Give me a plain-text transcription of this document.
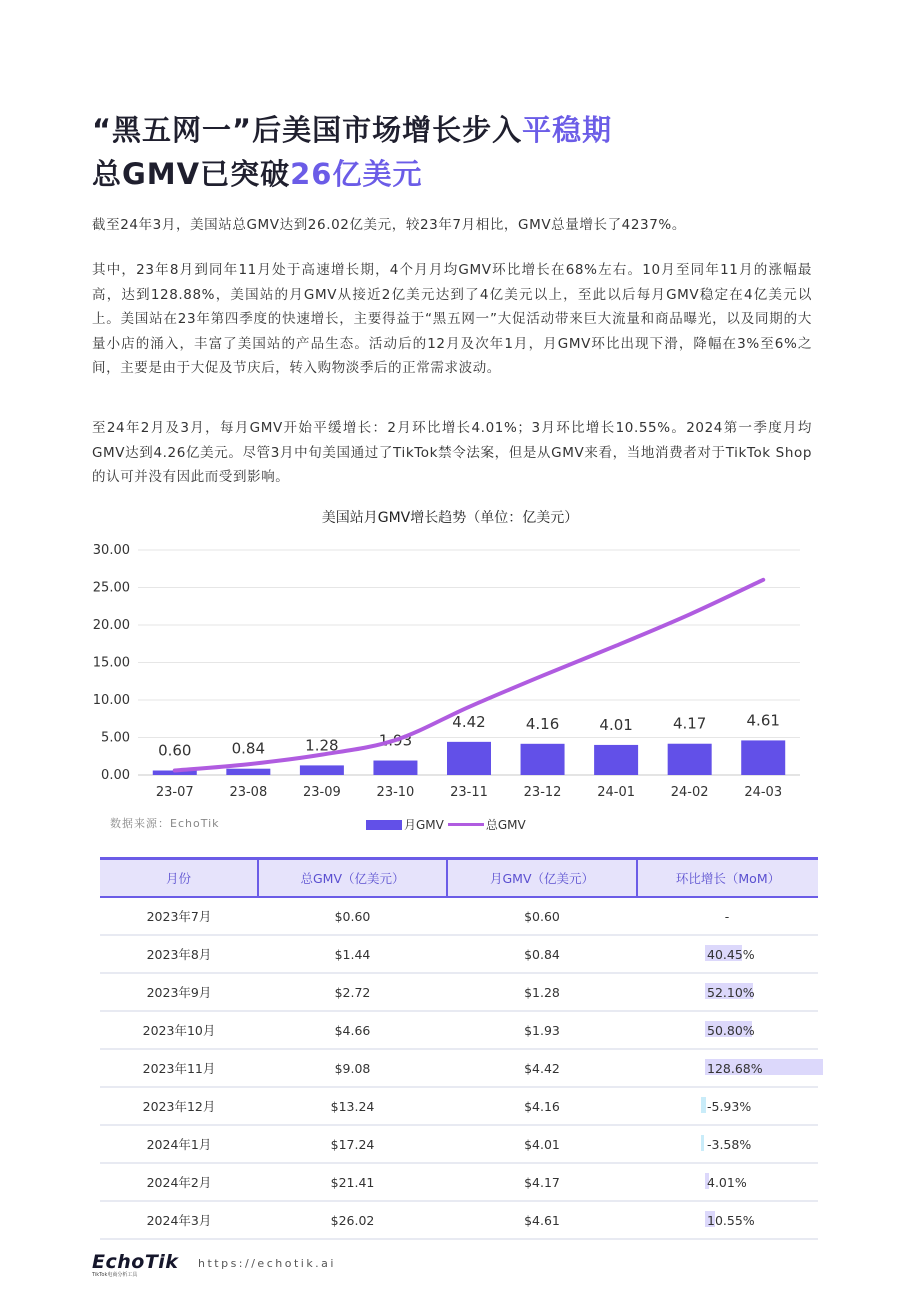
“黑五网一”后美国市场增长步入平稳期
总GMV已突破26亿美元

截至24年3月，美国站总GMV达到26.02亿美元，较23年7月相比，GMV总量增长了4237%。

其中，23年8月到同年11月处于高速增长期，4个月月均GMV环比增长在68%左右。10月至同年11月的涨幅最高，达到128.88%，美国站的月GMV从接近2亿美元达到了4亿美元以上，至此以后每月GMV稳定在4亿美元以上。美国站在23年第四季度的快速增长，主要得益于“黑五网一”大促活动带来巨大流量和商品曝光，以及同期的大量小店的涌入，丰富了美国站的产品生态。活动后的12月及次年1月，月GMV环比出现下滑，降幅在3%至6%之间，主要是由于大促及节庆后，转入购物淡季后的正常需求波动。

至24年2月及3月，每月GMV开始平缓增长：2月环比增长4.01%；3月环比增长10.55%。2024第一季度月均GMV达到4.26亿美元。尽管3月中旬美国通过了TikTok禁令法案，但是从GMV来看，当地消费者对于TikTok Shop的认可并没有因此而受到影响。

美国站月GMV增长趋势（单位：亿美元）
0.00
5.00
10.00
15.00
20.00
25.00
30.00
0.60	0.84	1.28	1.93
4.42	4.16	4.01	4.17	4.61
23-07	23-08	23-09	23-10	23-11	23-12	24-01	24-02	24-03
数据来源：EchoTik	月GMV	总GMV
月份	总GMV（亿美元）	月GMV（亿美元）	环比增长（MoM）
2023年7月	$0.60	$0.60	-
2023年8月	$1.44	$0.84	40.45%
2023年9月	$2.72	$1.28	52.10%
2023年10月	$4.66	$1.93	50.80%
2023年11月	$9.08	$4.42	128.68%
2023年12月	$13.24	$4.16	-5.93%
2024年1月	$17.24	$4.01	-3.58%
2024年2月	$21.41	$4.17	4.01%
2024年3月	$26.02	$4.61	10.55%
EchoTik
TikTok电商分析工具
https://echotik.ai
